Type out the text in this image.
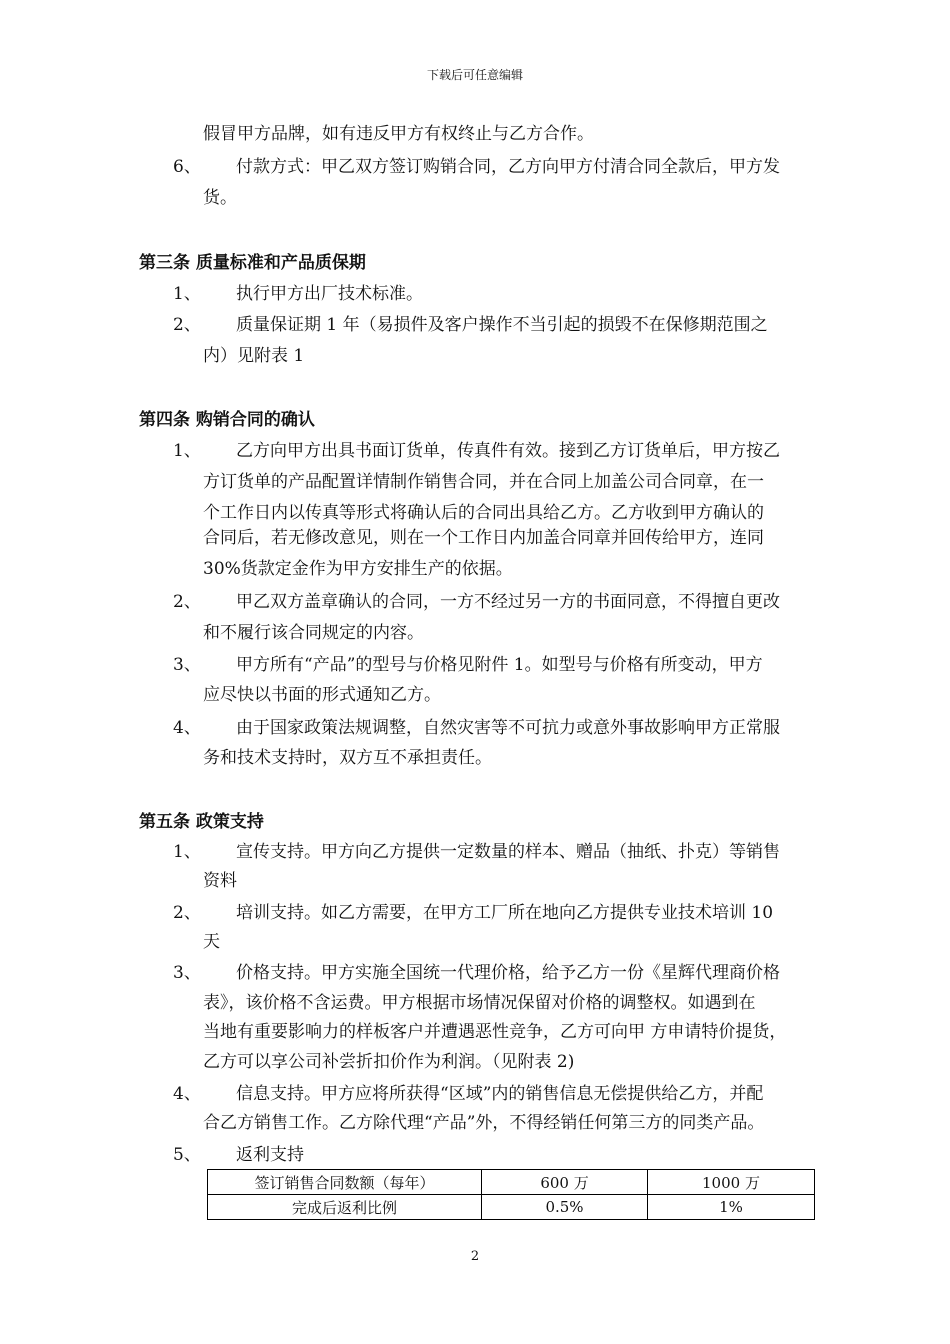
下载后可任意编辑
假冒甲方品牌，如有违反甲方有权终止与乙方合作。
6、 付款方式：甲乙双方签订购销合同，乙方向甲方付清合同全款后，甲方发
货。
第三条 质量标准和产品质保期
1、 执行甲方出厂技术标准。
2、 质量保证期 1 年（易损件及客户操作不当引起的损毁不在保修期范围之
内）见附表 1
第四条 购销合同的确认
1、 乙方向甲方出具书面订货单，传真件有效。接到乙方订货单后，甲方按乙
方订货单的产品配置详情制作销售合同，并在合同上加盖公司合同章，在一
个工作日内以传真等形式将确认后的合同出具给乙方。乙方收到甲方确认的
合同后，若无修改意见，则在一个工作日内加盖合同章并回传给甲方，连同
30%货款定金作为甲方安排生产的依据。
2、 甲乙双方盖章确认的合同，一方不经过另一方的书面同意，不得擅自更改
和不履行该合同规定的内容。
3、 甲方所有“产品”的型号与价格见附件 1。如型号与价格有所变动，甲方
应尽快以书面的形式通知乙方。
4、 由于国家政策法规调整，自然灾害等不可抗力或意外事故影响甲方正常服
务和技术支持时，双方互不承担责任。
第五条 政策支持
1、 宣传支持。甲方向乙方提供一定数量的样本、赠品（抽纸、扑克）等销售
资料
2、 培训支持。如乙方需要，在甲方工厂所在地向乙方提供专业技术培训 10
天
3、 价格支持。甲方实施全国统一代理价格，给予乙方一份《星辉代理商价格
表》，该价格不含运费。甲方根据市场情况保留对价格的调整权。如遇到在
当地有重要影响力的样板客户并遭遇恶性竞争，乙方可向甲 方申请特价提货，
乙方可以享公司补尝折扣价作为利润。（见附表 2)
4、 信息支持。甲方应将所获得“区域”内的销售信息无偿提供给乙方，并配
合乙方销售工作。乙方除代理“产品”外，不得经销任何第三方的同类产品。
5、 返利支持
签订销售合同数额（每年）	600 万	1000 万
完成后返利比例	0.5%	1%
2
